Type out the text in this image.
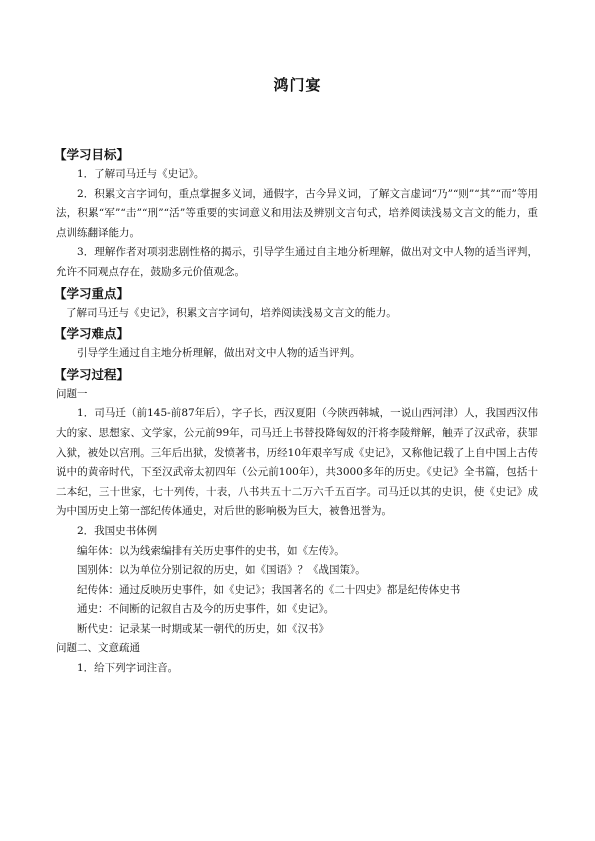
鸿门宴
【学习目标】

1．了解司马迁与《史记》。

2．积累文言字词句，重点掌握多义词，通假字，古今异义词，了解文言虚词“乃”“则”“其”“而”等用法，积累“军”“击”“刑”“活”等重要的实词意义和用法及辨别文言句式，培养阅读浅易文言文的能力，重点训练翻译能力。

3．理解作者对项羽悲剧性格的揭示，引导学生通过自主地分析理解，做出对文中人物的适当评判，允许不同观点存在，鼓励多元价值观念。

【学习重点】

了解司马迁与《史记》，积累文言字词句，培养阅读浅易文言文的能力。

【学习难点】

引导学生通过自主地分析理解，做出对文中人物的适当评判。

【学习过程】

问题一

1．司马迁（前145-前87年后），字子长，西汉夏阳（今陕西韩城，一说山西河津）人，我国西汉伟大的家、思想家、文学家，公元前99年，司马迁上书替投降匈奴的汗将李陵辩解，触弄了汉武帝，获罪入狱，被处以宫刑。三年后出狱，发愤著书，历经10年艰辛写成《史记》，又称他记载了上自中国上古传说中的黄帝时代，下至汉武帝太初四年（公元前100年），共3000多年的历史。《史记》全书篇，包括十二本纪，三十世家，七十列传，十表，八书共五十二万六千五百字。司马迁以其的史识，使《史记》成为中国历史上第一部纪传体通史，对后世的影响极为巨大，被鲁迅誉为。

2．我国史书体例

编年体：以为线索编排有关历史事件的史书，如《左传》。

国别体：以为单位分别记叙的历史，如《国语》？《战国策》。

纪传体：通过反映历史事件，如《史记》；我国著名的《二十四史》都是纪传体史书

通史：不间断的记叙自古及今的历史事件，如《史记》。

断代史：记录某一时期或某一朝代的历史，如《汉书》

问题二、文意疏通

1．给下列字词注音。
